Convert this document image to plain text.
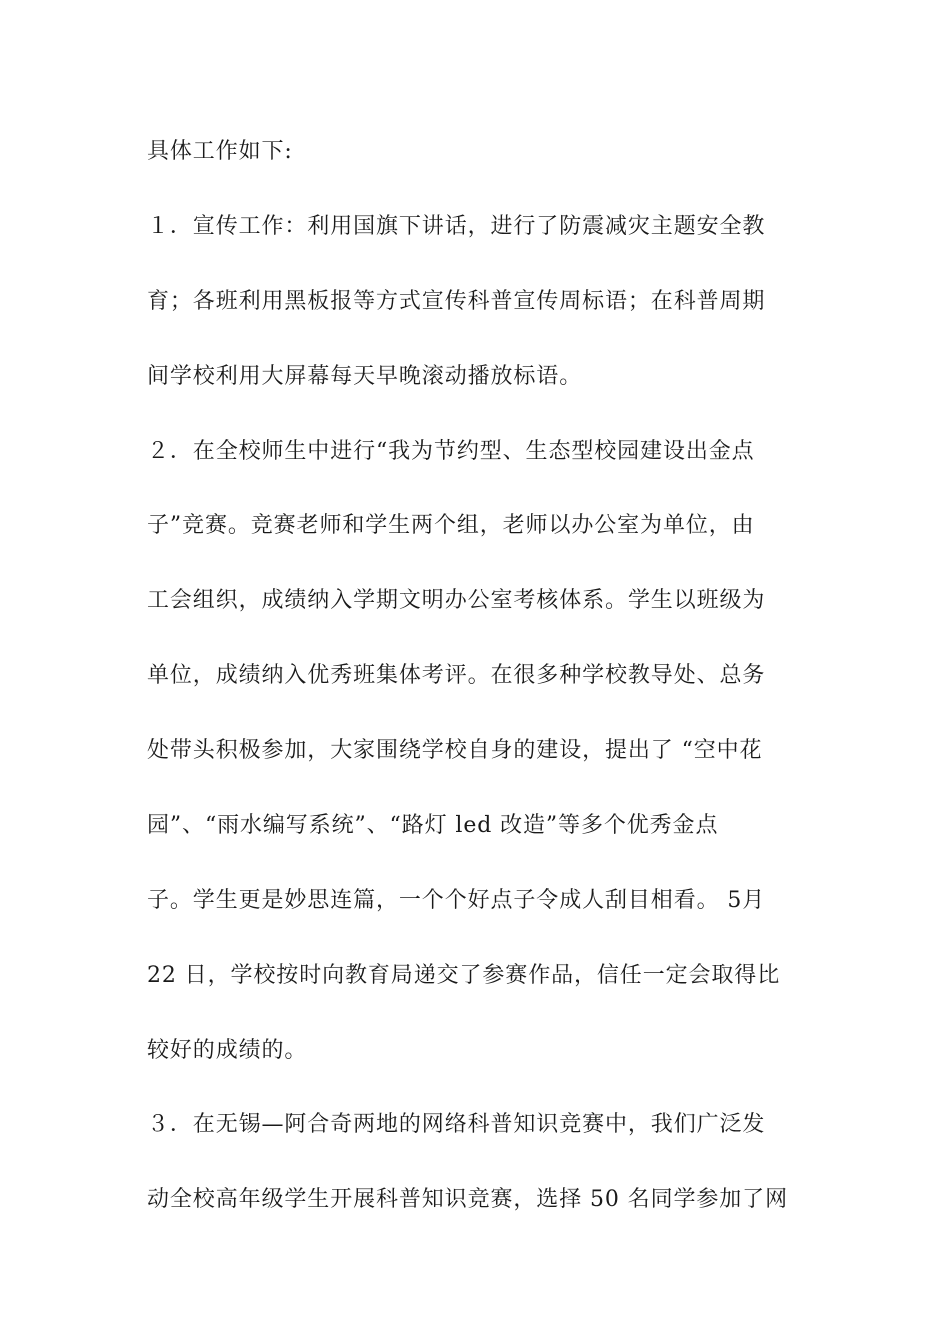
具体工作如下:
１．宣传工作：利用国旗下讲话，进行了防震减灾主题安全教
育；各班利用黑板报等方式宣传科普宣传周标语；在科普周期
间学校利用大屏幕每天早晚滚动播放标语。
２．在全校师生中进行“我为节约型、生态型校园建设出金点
子”竞赛。竞赛老师和学生两个组，老师以办公室为单位，由
工会组织，成绩纳入学期文明办公室考核体系。学生以班级为
单位，成绩纳入优秀班集体考评。在很多种学校教导处、总务
处带头积极参加，大家围绕学校自身的建设，提出了 “空中花
园”、“雨水编写系统”、“路灯 led 改造”等多个优秀金点
子。学生更是妙思连篇，一个个好点子令成人刮目相看。 5月
22 日，学校按时向教育局递交了参赛作品，信任一定会取得比
较好的成绩的。
３．在无锡—阿合奇两地的网络科普知识竞赛中，我们广泛发
动全校高年级学生开展科普知识竞赛，选择 50 名同学参加了网
